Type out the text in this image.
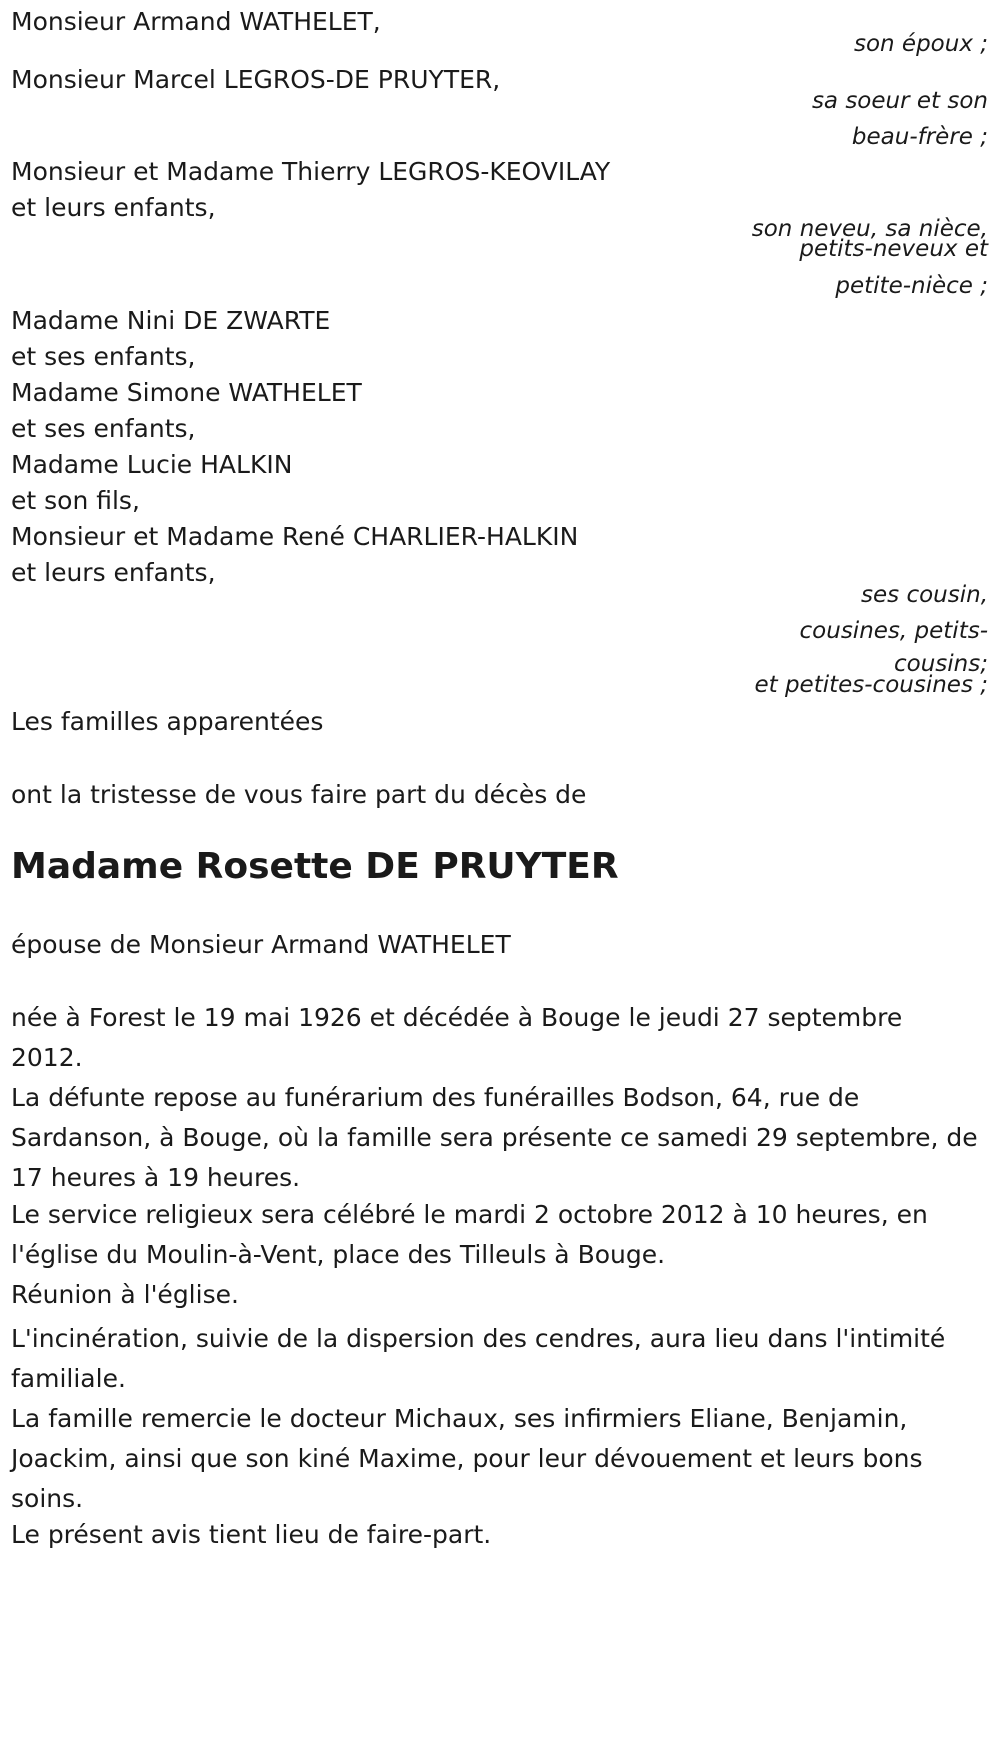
Monsieur Armand WATHELET,
son époux ;
Monsieur Marcel LEGROS-DE PRUYTER,
sa soeur et son
beau-frère ;
Monsieur et Madame Thierry LEGROS-KEOVILAY
et leurs enfants,
son neveu, sa nièce,
petits-neveux et
petite-nièce ;
Madame Nini DE ZWARTE
et ses enfants,
Madame Simone WATHELET
et ses enfants,
Madame Lucie HALKIN
et son fils,
Monsieur et Madame René CHARLIER-HALKIN
et leurs enfants,
ses cousin,
cousines, petits-
cousins;
et petites-cousines ;
Les familles apparentées
ont la tristesse de vous faire part du décès de
Madame Rosette DE PRUYTER
épouse de Monsieur Armand WATHELET
née à Forest le 19 mai 1926 et décédée à Bouge le jeudi 27 septembre 2012.
La défunte repose au funérarium des funérailles Bodson, 64, rue de Sardanson, à Bouge, où la famille sera présente ce samedi 29 septembre, de 17 heures à 19 heures.
Le service religieux sera célébré le mardi 2 octobre 2012 à 10 heures, en l'église du Moulin-à-Vent, place des Tilleuls à Bouge.
Réunion à l'église.
L'incinération, suivie de la dispersion des cendres, aura lieu dans l'intimité familiale.
La famille remercie le docteur Michaux, ses infirmiers Eliane, Benjamin, Joackim, ainsi que son kiné Maxime, pour leur dévouement et leurs bons soins.
Le présent avis tient lieu de faire-part.
